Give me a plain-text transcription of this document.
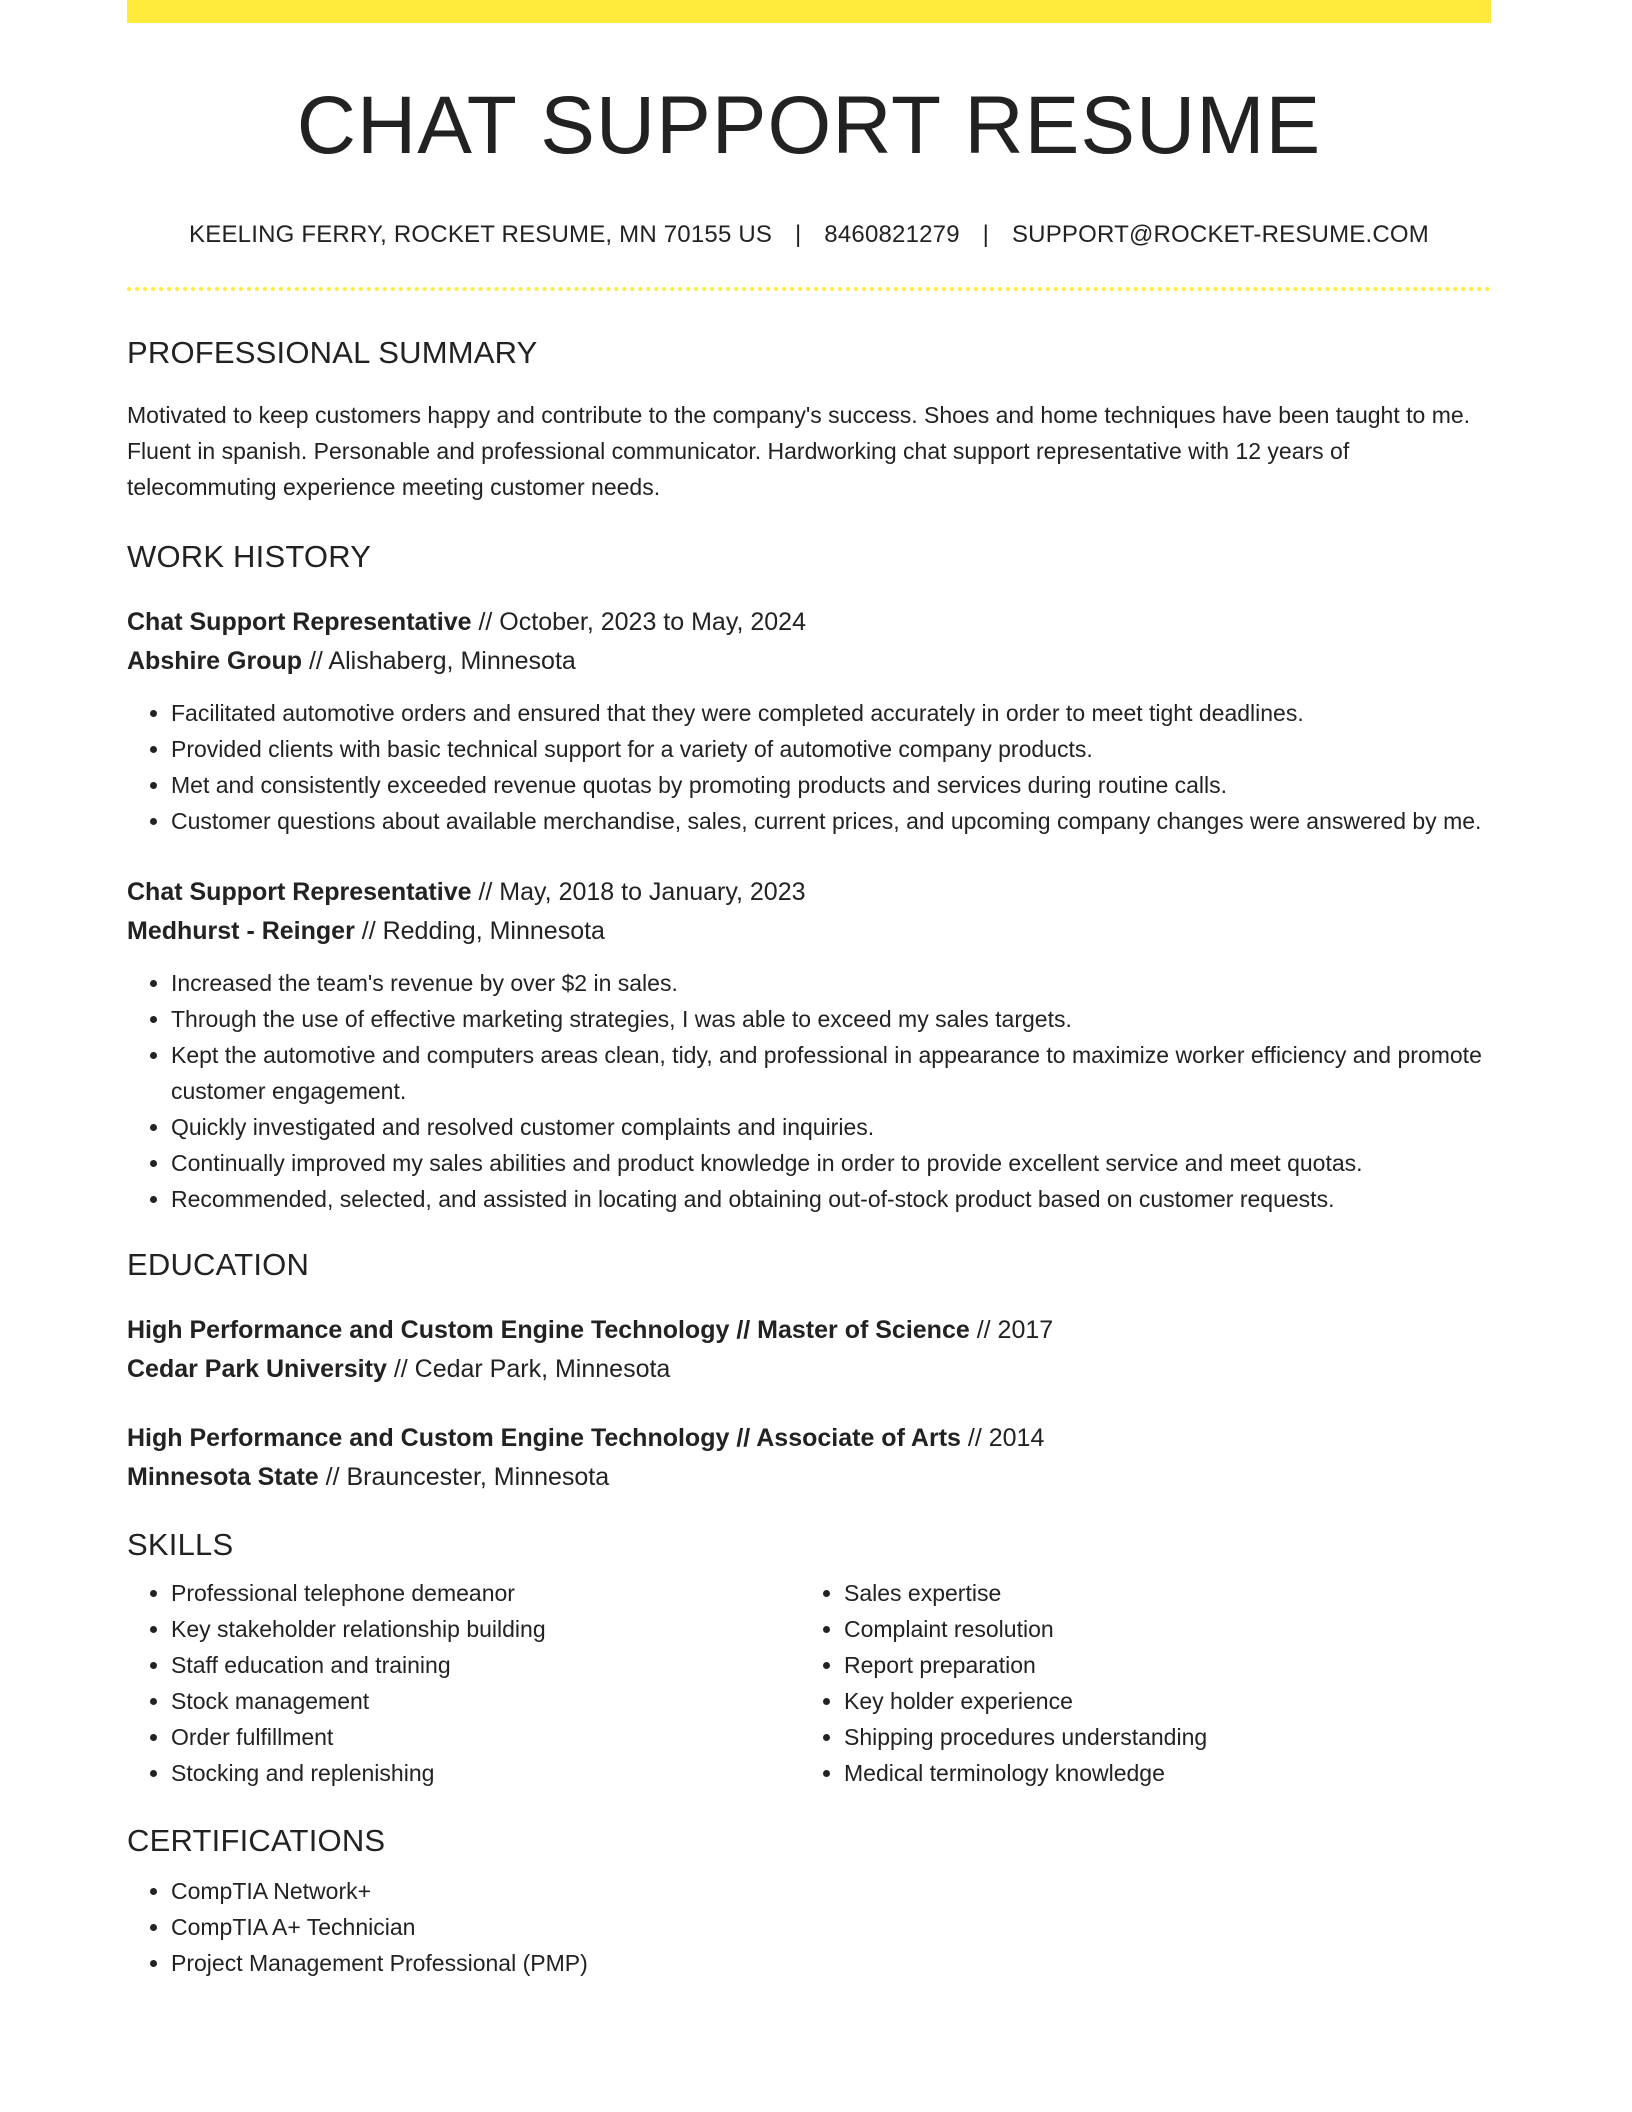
CHAT SUPPORT RESUME
KEELING FERRY, ROCKET RESUME, MN 70155 US | 8460821279 | SUPPORT@ROCKET-RESUME.COM
PROFESSIONAL SUMMARY
Motivated to keep customers happy and contribute to the company's success. Shoes and home techniques have been taught to me. Fluent in spanish. Personable and professional communicator. Hardworking chat support representative with 12 years of telecommuting experience meeting customer needs.
WORK HISTORY
Chat Support Representative // October, 2023 to May, 2024
Abshire Group // Alishaberg, Minnesota
• Facilitated automotive orders and ensured that they were completed accurately in order to meet tight deadlines.
• Provided clients with basic technical support for a variety of automotive company products.
• Met and consistently exceeded revenue quotas by promoting products and services during routine calls.
• Customer questions about available merchandise, sales, current prices, and upcoming company changes were answered by me.
Chat Support Representative // May, 2018 to January, 2023
Medhurst - Reinger // Redding, Minnesota
• Increased the team's revenue by over $2 in sales.
• Through the use of effective marketing strategies, I was able to exceed my sales targets.
• Kept the automotive and computers areas clean, tidy, and professional in appearance to maximize worker efficiency and promote customer engagement.
• Quickly investigated and resolved customer complaints and inquiries.
• Continually improved my sales abilities and product knowledge in order to provide excellent service and meet quotas.
• Recommended, selected, and assisted in locating and obtaining out-of-stock product based on customer requests.
EDUCATION
High Performance and Custom Engine Technology // Master of Science // 2017
Cedar Park University // Cedar Park, Minnesota
High Performance and Custom Engine Technology // Associate of Arts // 2014
Minnesota State // Brauncester, Minnesota
SKILLS
• Professional telephone demeanor
• Key stakeholder relationship building
• Staff education and training
• Stock management
• Order fulfillment
• Stocking and replenishing
• Sales expertise
• Complaint resolution
• Report preparation
• Key holder experience
• Shipping procedures understanding
• Medical terminology knowledge
CERTIFICATIONS
• CompTIA Network+
• CompTIA A+ Technician
• Project Management Professional (PMP)
